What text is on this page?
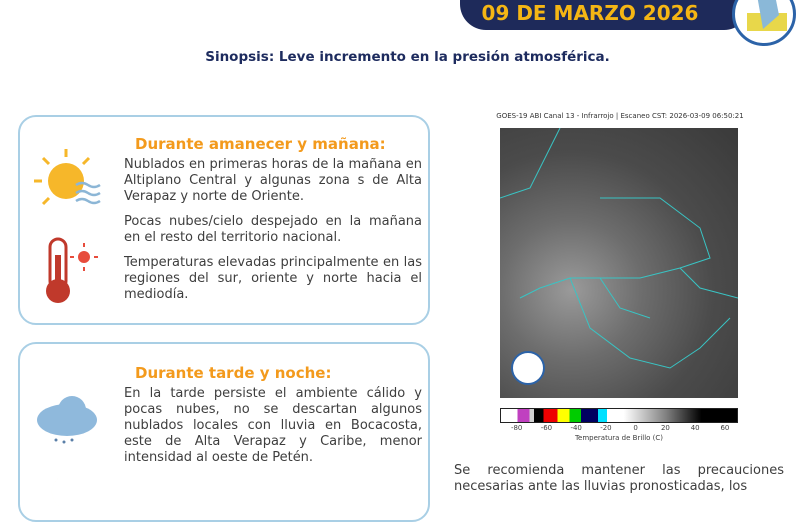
09 DE MARZO 2026
Sinopsis: Leve incremento en la presión atmosférica.
Durante amanecer y mañana:

Nublados en primeras horas de la mañana en Altiplano Central y algunas zona s de Alta Verapaz y norte de Oriente.

Pocas nubes/cielo despejado en la mañana en el resto del territorio nacional.

Temperaturas elevadas principalmente en las regiones del sur, oriente y norte hacia el mediodía.

Durante tarde y noche:

En la tarde persiste el ambiente cálido y pocas nubes, no se descartan algunos nublados locales con lluvia en Bocacosta, este de Alta Verapaz y Caribe, menor intensidad al oeste de Petén.

GOES-19 ABI Canal 13 - Infrarrojo | Escaneo CST: 2026-03-09 06:50:21
-80	-60	-40	-20	0	20	40	60
Temperatura de Brillo (C)
Se recomienda mantener las precauciones necesarias ante las lluvias pronosticadas, los
